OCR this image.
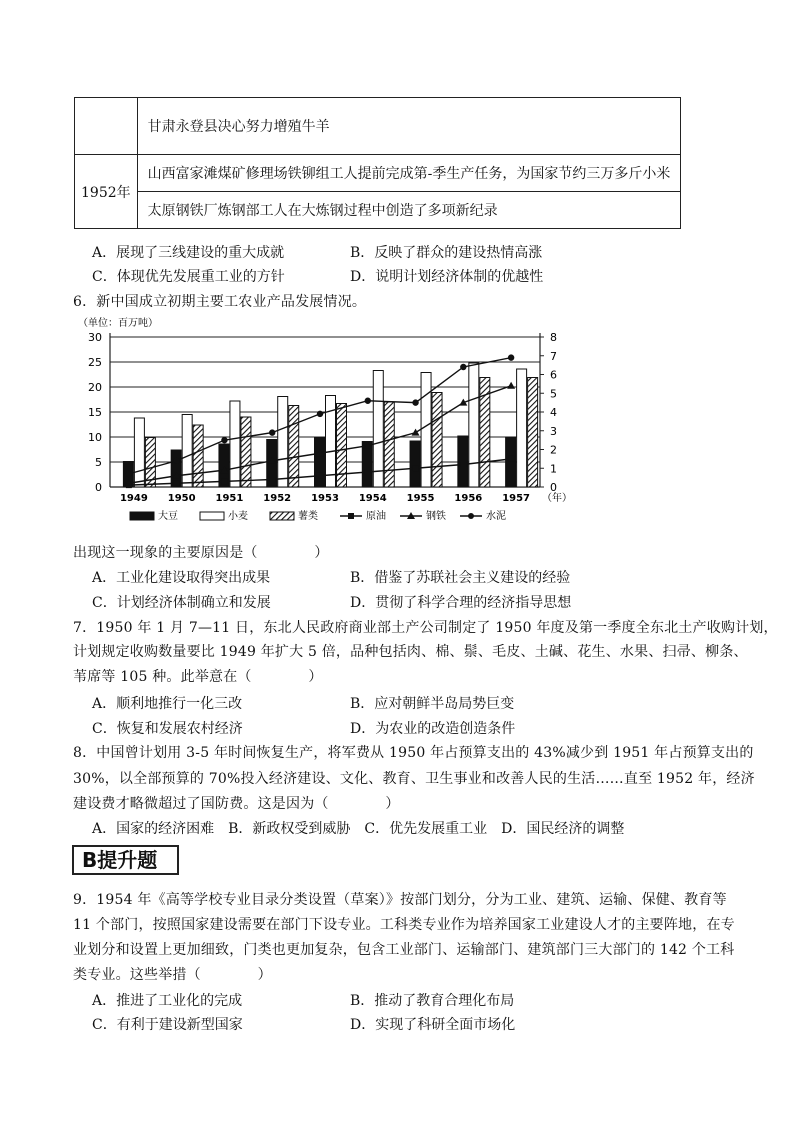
	甘肃永登县决心努力增殖牛羊
1952年	山西富家滩煤矿修理场铁铆组工人提前完成第-季生产任务，为国家节约三万多斤小米
	太原钢铁厂炼钢部工人在大炼钢过程中创造了多项新纪录
A．展现了三线建设的重大成就	B．反映了群众的建设热情高涨
C．体现优先发展重工业的方针	D．说明计划经济体制的优越性
6．新中国成立初期主要工农业产品发展情况。
（单位：百万吨）
0
5
10
15
20
25
30
0
1
2
3
4
5
6
7
8
1949 1950 1951 1952 1953 1954 1955 1956 1957 （年）
大豆	小麦	薯类	原油	钢铁	水泥
出现这一现象的主要原因是（　　　　）
A．工业化建设取得突出成果	B．借鉴了苏联社会主义建设的经验
C．计划经济体制确立和发展	D．贯彻了科学合理的经济指导思想
7．1950 年 1 月 7—11 日，东北人民政府商业部土产公司制定了 1950 年度及第一季度全东北土产收购计划，
计划规定收购数量要比 1949 年扩大 5 倍，品种包括肉、棉、鬃、毛皮、土碱、花生、水果、扫帚、柳条、
苇席等 105 种。此举意在（　　　　）
A．顺利地推行一化三改	B．应对朝鲜半岛局势巨变
C．恢复和发展农村经济	D．为农业的改造创造条件
8．中国曾计划用 3-5 年时间恢复生产，将军费从 1950 年占预算支出的 43%减少到 1951 年占预算支出的
30%，以全部预算的 70%投入经济建设、文化、教育、卫生事业和改善人民的生活……直至 1952 年，经济
建设费才略微超过了国防费。这是因为（　　　　）
A．国家的经济困难　B．新政权受到威胁　C．优先发展重工业　D．国民经济的调整
B提升题
9．1954 年《高等学校专业目录分类设置（草案）》按部门划分，分为工业、建筑、运输、保健、教育等
11 个部门，按照国家建设需要在部门下设专业。工科类专业作为培养国家工业建设人才的主要阵地，在专
业划分和设置上更加细致，门类也更加复杂，包含工业部门、运输部门、建筑部门三大部门的 142 个工科
类专业。这些举措（　　　　）
A．推进了工业化的完成	B．推动了教育合理化布局
C．有利于建设新型国家	D．实现了科研全面市场化
